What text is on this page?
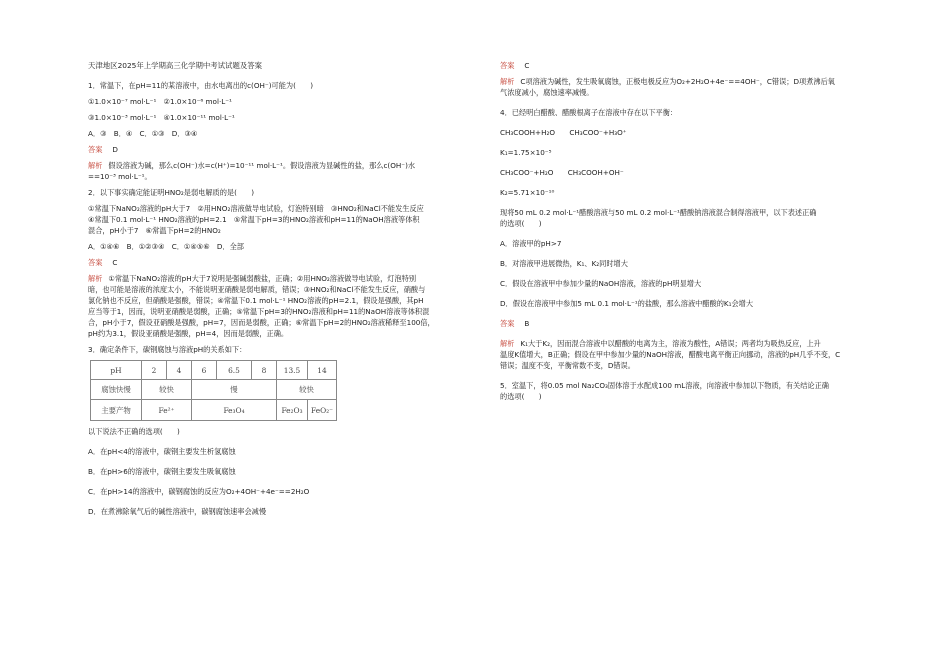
天津地区2025年上学期高三化学期中考试试题及答案
1．常温下，在pH=11的某溶液中，由水电离出的c(OH⁻)可能为(　　)
①1.0×10⁻⁷ mol·L⁻¹　②1.0×10⁻⁶ mol·L⁻¹
③1.0×10⁻³ mol·L⁻¹　④1.0×10⁻¹¹ mol·L⁻¹
A．③　B．④　C．①③　D．③④
答案 D
解析 假设溶液为碱，那么c(OH⁻)水=c(H⁺)=10⁻¹¹ mol·L⁻¹。假设溶液为显碱性的盐，那么c(OH⁻)水
==10⁻³ mol·L⁻¹。
2．以下事实确定能证明HNO₂是弱电解质的是(　　)
①常温下NaNO₂溶液的pH大于7　②用HNO₂溶液做导电试验，灯泡特别暗　③HNO₂和NaCl不能发生反应
④常温下0.1 mol·L⁻¹ HNO₂溶液的pH=2.1　⑤常温下pH=3的HNO₂溶液和pH=11的NaOH溶液等体积
混合，pH小于7　⑥常温下pH=2的HNO₂
A．①④⑥　B．①②③④　C．①④⑤⑥　D．全部
答案 C
解析 ①常温下NaNO₂溶液的pH大于7说明是强碱弱酸盐，正确；②用HNO₂溶液做导电试验，灯泡特别
暗，也可能是溶液的浓度太小，不能说明亚硝酸是弱电解质，错误；③HNO₂和NaCl不能发生反应，硝酸与
氯化钠也不反应，但硝酸是强酸，错误；④常温下0.1 mol·L⁻¹ HNO₂溶液的pH=2.1，假设是强酸，其pH
应当等于1，因而，说明亚硝酸是弱酸，正确；⑤常温下pH=3的HNO₂溶液和pH=11的NaOH溶液等体积混
合，pH小于7，假设亚硝酸是强酸，pH=7，因而是弱酸，正确；⑥常温下pH=2的HNO₂溶液稀释至100倍，
pH约为3.1，假设亚硝酸是强酸，pH=4，因而是弱酸，正确。
3．确定条件下，碳钢腐蚀与溶液pH的关系如下：
pH	2	4	6	6.5	8	13.5	14
腐蚀快慢	较快		慢			较快	
主要产物	Fe²⁺		Fe₃O₄			Fe₂O₃	FeO₂⁻
以下说法不正确的选项(　　)
A．在pH<4的溶液中，碳钢主要发生析氢腐蚀
B．在pH>6的溶液中，碳钢主要发生吸氧腐蚀
C．在pH>14的溶液中，碳钢腐蚀的反应为O₂+4OH⁻+4e⁻==2H₂O
D．在煮沸除氧气后的碱性溶液中，碳钢腐蚀速率会减慢
答案 C
解析 C项溶液为碱性，发生吸氧腐蚀，正极电极反应为O₂+2H₂O+4e⁻==4OH⁻，C错误；D项煮沸后氧
气浓度减小，腐蚀速率减慢。
4．已经明白醋酸、醋酸根离子在溶液中存在以下平衡：
CH₃COOH+H₂O　　CH₃COO⁻+H₃O⁺
K₁=1.75×10⁻⁵
CH₃COO⁻+H₂O　　CH₃COOH+OH⁻
K₂=5.71×10⁻¹⁰
现将50 mL 0.2 mol·L⁻¹醋酸溶液与50 mL 0.2 mol·L⁻¹醋酸钠溶液混合制得溶液甲，以下表述正确
的选项(　　)
A．溶液甲的pH>7
B．对溶液甲进展微热，K₁、K₂同时增大
C．假设在溶液甲中参加少量的NaOH溶液，溶液的pH明显增大
D．假设在溶液甲中参加5 mL 0.1 mol·L⁻¹的盐酸，那么溶液中醋酸的K₁会增大
答案 B
解析 K₁大于K₂，因而混合溶液中以醋酸的电离为主，溶液为酸性，A错误；两者均为吸热反应，上升
温度K值增大，B正确；假设在甲中参加少量的NaOH溶液，醋酸电离平衡正向挪动，溶液的pH几乎不变，C
错误；温度不变，平衡常数不变，D错误。
5．室温下，将0.05 mol Na₂CO₃固体溶于水配成100 mL溶液，向溶液中参加以下物质，有关结论正确
的选项(　　)
